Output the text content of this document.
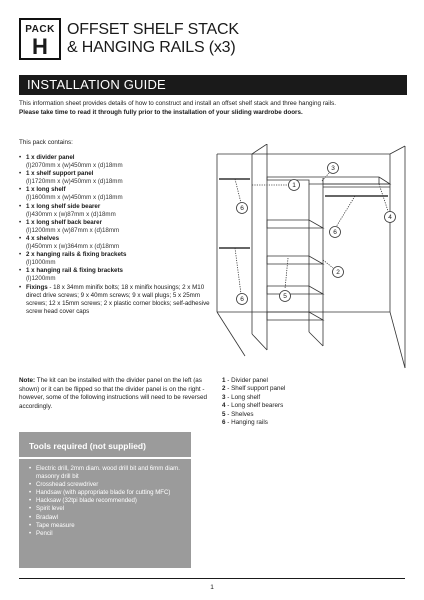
PACK
H
OFFSET SHELF STACK
& HANGING RAILS (x3)
INSTALLATION GUIDE
This information sheet provides details of how to construct and install an offset shelf stack and three hanging rails.
Please take time to read it through fully prior to the installation of your sliding wardrobe doors.
This pack contains:
• 1 x divider panel
(l)2070mm x (w)450mm x (d)18mm
• 1 x shelf support panel
(l)1720mm x (w)450mm x (d)18mm
• 1 x long shelf
(l)1600mm x (w)450mm x (d)18mm
• 1 x long shelf side bearer
(l)430mm x (w)87mm x (d)18mm
• 1 x long shelf back bearer
(l)1200mm x (w)87mm x (d)18mm
• 4 x shelves
(l)450mm x (w)364mm x (d)18mm
• 2 x hanging rails & fixing brackets
(l)1000mm
• 1 x hanging rail & fixing brackets
(l)1200mm
• Fixings - 18 x 34mm minifix bolts; 18 x minifix housings; 2 x M10 direct drive screws; 9 x 40mm screws; 9 x wall plugs; 5 x 25mm screws; 12 x 15mm screws; 2 x plastic corner blocks; self-adhesive screw head cover caps
1
2
3
4
5
6
6
6
Note: The kit can be installed with the divider panel on the left (as shown) or it can be flipped so that the divider panel is on the right - however, some of the following instructions will need to be reversed accordingly.
1 - Divider panel
2 - Shelf support panel
3 - Long shelf
4 - Long shelf bearers
5 - Shelves
6 - Hanging rails
Tools required (not supplied)
• Electric drill, 2mm diam. wood drill bit and 6mm diam. masonry drill bit
• Crosshead screwdriver
• Handsaw (with appropriate blade for cutting MFC)
• Hacksaw (32tpi blade recommended)
• Spirit level
• Bradawl
• Tape measure
• Pencil
1
